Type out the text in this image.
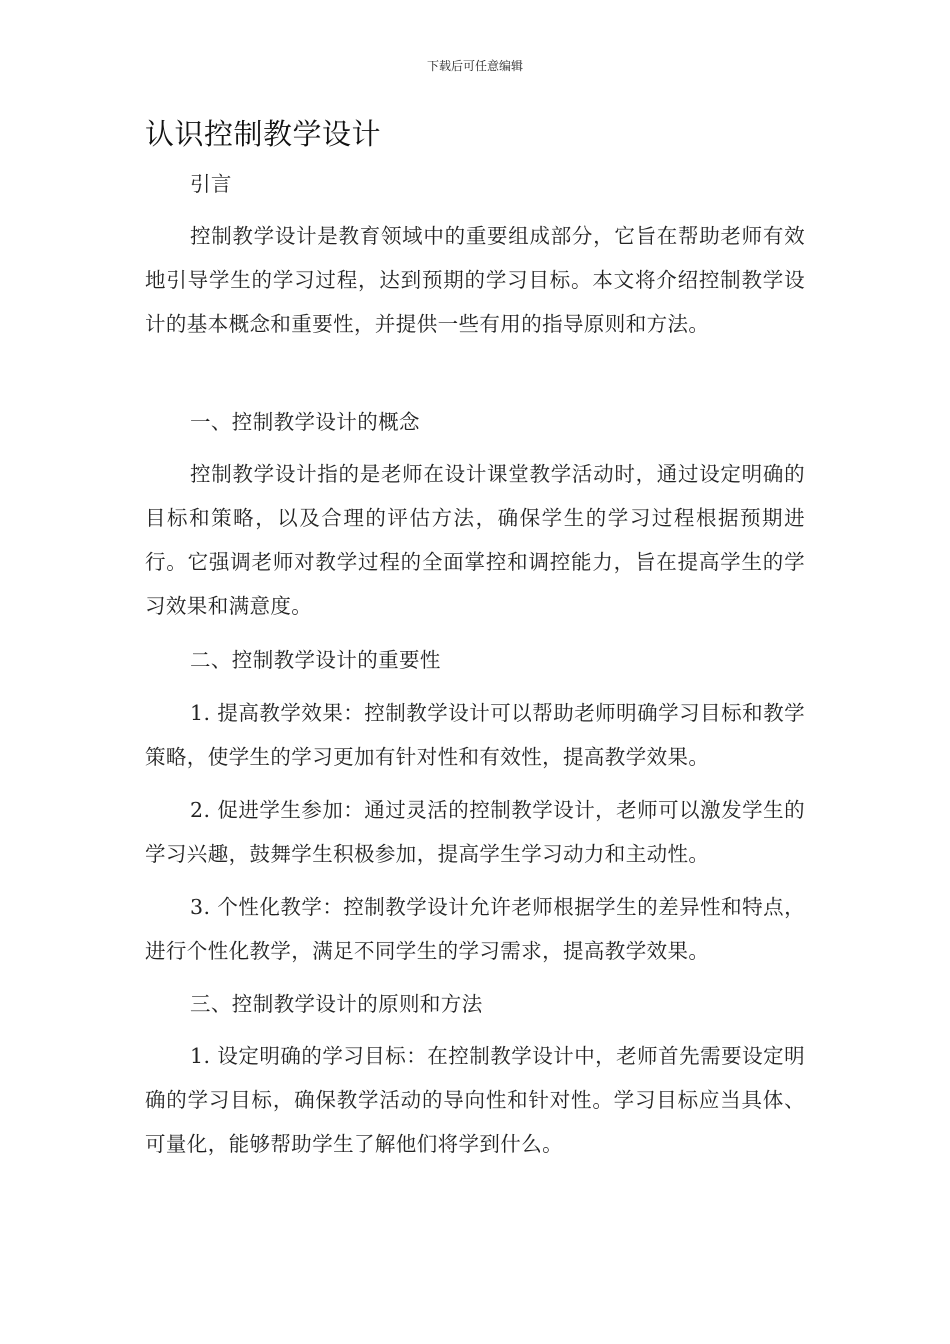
下载后可任意编辑
认识控制教学设计
引言

控制教学设计是教育领域中的重要组成部分，它旨在帮助老师有效地引导学生的学习过程，达到预期的学习目标。本文将介绍控制教学设计的基本概念和重要性，并提供一些有用的指导原则和方法。

一、控制教学设计的概念

控制教学设计指的是老师在设计课堂教学活动时，通过设定明确的目标和策略，以及合理的评估方法，确保学生的学习过程根据预期进行。它强调老师对教学过程的全面掌控和调控能力，旨在提高学生的学习效果和满意度。

二、控制教学设计的重要性

1. 提高教学效果：控制教学设计可以帮助老师明确学习目标和教学策略，使学生的学习更加有针对性和有效性，提高教学效果。

2. 促进学生参加：通过灵活的控制教学设计，老师可以激发学生的学习兴趣，鼓舞学生积极参加，提高学生学习动力和主动性。

3. 个性化教学：控制教学设计允许老师根据学生的差异性和特点，进行个性化教学，满足不同学生的学习需求，提高教学效果。

三、控制教学设计的原则和方法

1. 设定明确的学习目标：在控制教学设计中，老师首先需要设定明确的学习目标，确保教学活动的导向性和针对性。学习目标应当具体、可量化，能够帮助学生了解他们将学到什么。
